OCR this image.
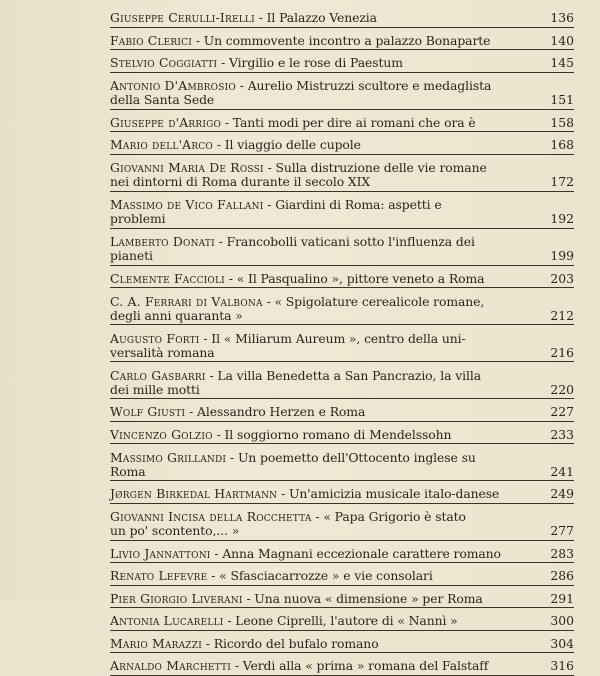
Giuseppe Cerulli-Irelli - Il Palazzo Venezia	136
Fabio Clerici - Un commovente incontro a palazzo Bonaparte	140
Stelvio Coggiatti - Virgilio e le rose di Paestum	145
Antonio D'Ambrosio - Aurelio Mistruzzi scultore e medaglista
della Santa Sede	151
Giuseppe d'Arrigo - Tanti modi per dire ai romani che ora è	158
Mario dell'Arco - Il viaggio delle cupole	168
Giovanni Maria De Rossi - Sulla distruzione delle vie romane
nei dintorni di Roma durante il secolo XIX	172
Massimo de Vico Fallani - Giardini di Roma: aspetti e
problemi	192
Lamberto Donati - Francobolli vaticani sotto l'influenza dei
pianeti	199
Clemente Faccioli - « Il Pasqualino », pittore veneto a Roma	203
C. A. Ferrari di Valbona - « Spigolature cerealicole romane,
degli anni quaranta »	212
Augusto Forti - Il « Miliarum Aureum », centro della uni-
versalità romana	216
Carlo Gasbarri - La villa Benedetta a San Pancrazio, la villa
dei mille motti	220
Wolf Giusti - Alessandro Herzen e Roma	227
Vincenzo Golzio - Il soggiorno romano di Mendelssohn	233
Massimo Grillandi - Un poemetto dell'Ottocento inglese su
Roma	241
Jørgen Birkedal Hartmann - Un'amicizia musicale italo-danese	249
Giovanni Incisa della Rocchetta - « Papa Grigorio è stato
un po' scontento,... »	277
Livio Jannattoni - Anna Magnani eccezionale carattere romano	283
Renato Lefevre - « Sfasciacarrozze » e vie consolari	286
Pier Giorgio Liverani - Una nuova « dimensione » per Roma	291
Antonia Lucarelli - Leone Ciprelli, l'autore di « Nannì »	300
Mario Marazzi - Ricordo del bufalo romano	304
Arnaldo Marchetti - Verdi alla « prima » romana del Falstaff	316
